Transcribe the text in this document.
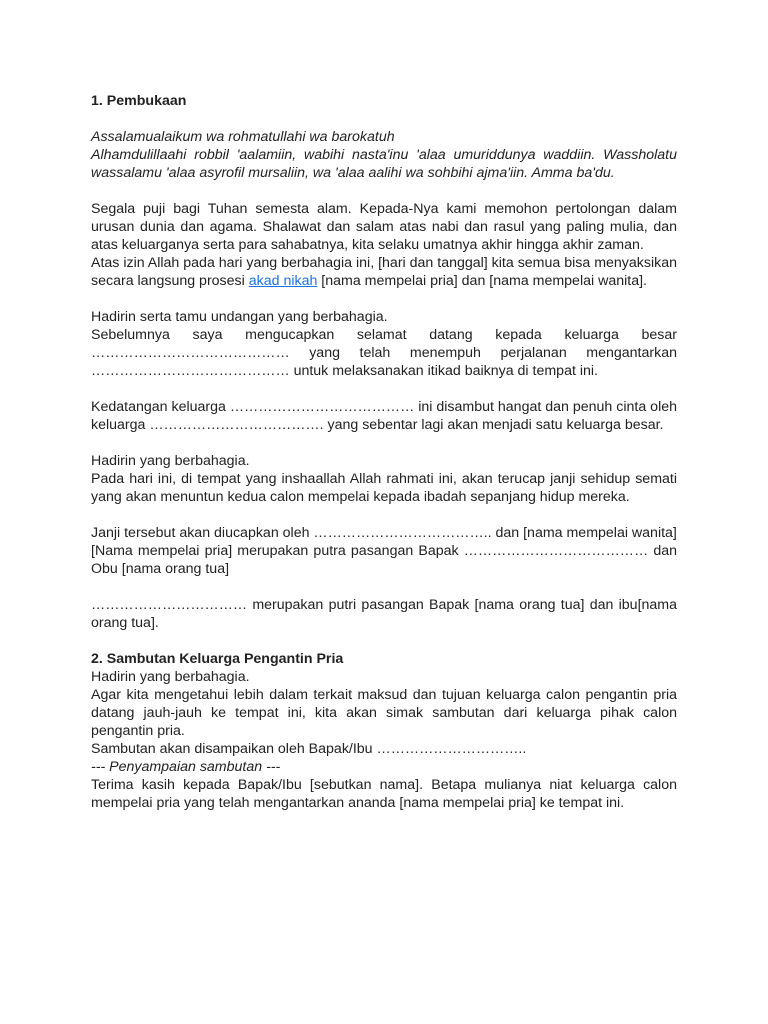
1. Pembukaan

Assalamualaikum wa rohmatullahi wa barokatuh

Alhamdulillaahi robbil 'aalamiin, wabihi nasta'inu 'alaa umuriddunya waddiin. Wassholatu wassalamu 'alaa asyrofil mursaliin, wa 'alaa aalihi wa sohbihi ajma'iin. Amma ba'du.

Segala puji bagi Tuhan semesta alam. Kepada-Nya kami memohon pertolongan dalam urusan dunia dan agama. Shalawat dan salam atas nabi dan rasul yang paling mulia, dan atas keluarganya serta para sahabatnya, kita selaku umatnya akhir hingga akhir zaman.

Atas izin Allah pada hari yang berbahagia ini, [hari dan tanggal] kita semua bisa menyaksikan secara langsung prosesi akad nikah [nama mempelai pria] dan [nama mempelai wanita].

Hadirin serta tamu undangan yang berbahagia.

Sebelumnya saya mengucapkan selamat datang kepada keluarga besar …………………………………… yang telah menempuh perjalanan mengantarkan …………………………………… untuk melaksanakan itikad baiknya di tempat ini.

Kedatangan keluarga ………………………………… ini disambut hangat dan penuh cinta oleh keluarga ………………………………. yang sebentar lagi akan menjadi satu keluarga besar.

Hadirin yang berbahagia.

Pada hari ini, di tempat yang inshaallah Allah rahmati ini, akan terucap janji sehidup semati yang akan menuntun kedua calon mempelai kepada ibadah sepanjang hidup mereka.

Janji tersebut akan diucapkan oleh ……………………………….. dan [nama mempelai wanita]

[Nama mempelai pria] merupakan putra pasangan Bapak ………………………………… dan Obu [nama orang tua]

…………………………… merupakan putri pasangan Bapak [nama orang tua] dan ibu[nama orang tua].

2. Sambutan Keluarga Pengantin Pria

Hadirin yang berbahagia.

Agar kita mengetahui lebih dalam terkait maksud dan tujuan keluarga calon pengantin pria datang jauh-jauh ke tempat ini, kita akan simak sambutan dari keluarga pihak calon pengantin pria.

Sambutan akan disampaikan oleh Bapak/Ibu …………………………..

--- Penyampaian sambutan ---

Terima kasih kepada Bapak/Ibu [sebutkan nama]. Betapa mulianya niat keluarga calon mempelai pria yang telah mengantarkan ananda [nama mempelai pria] ke tempat ini.
